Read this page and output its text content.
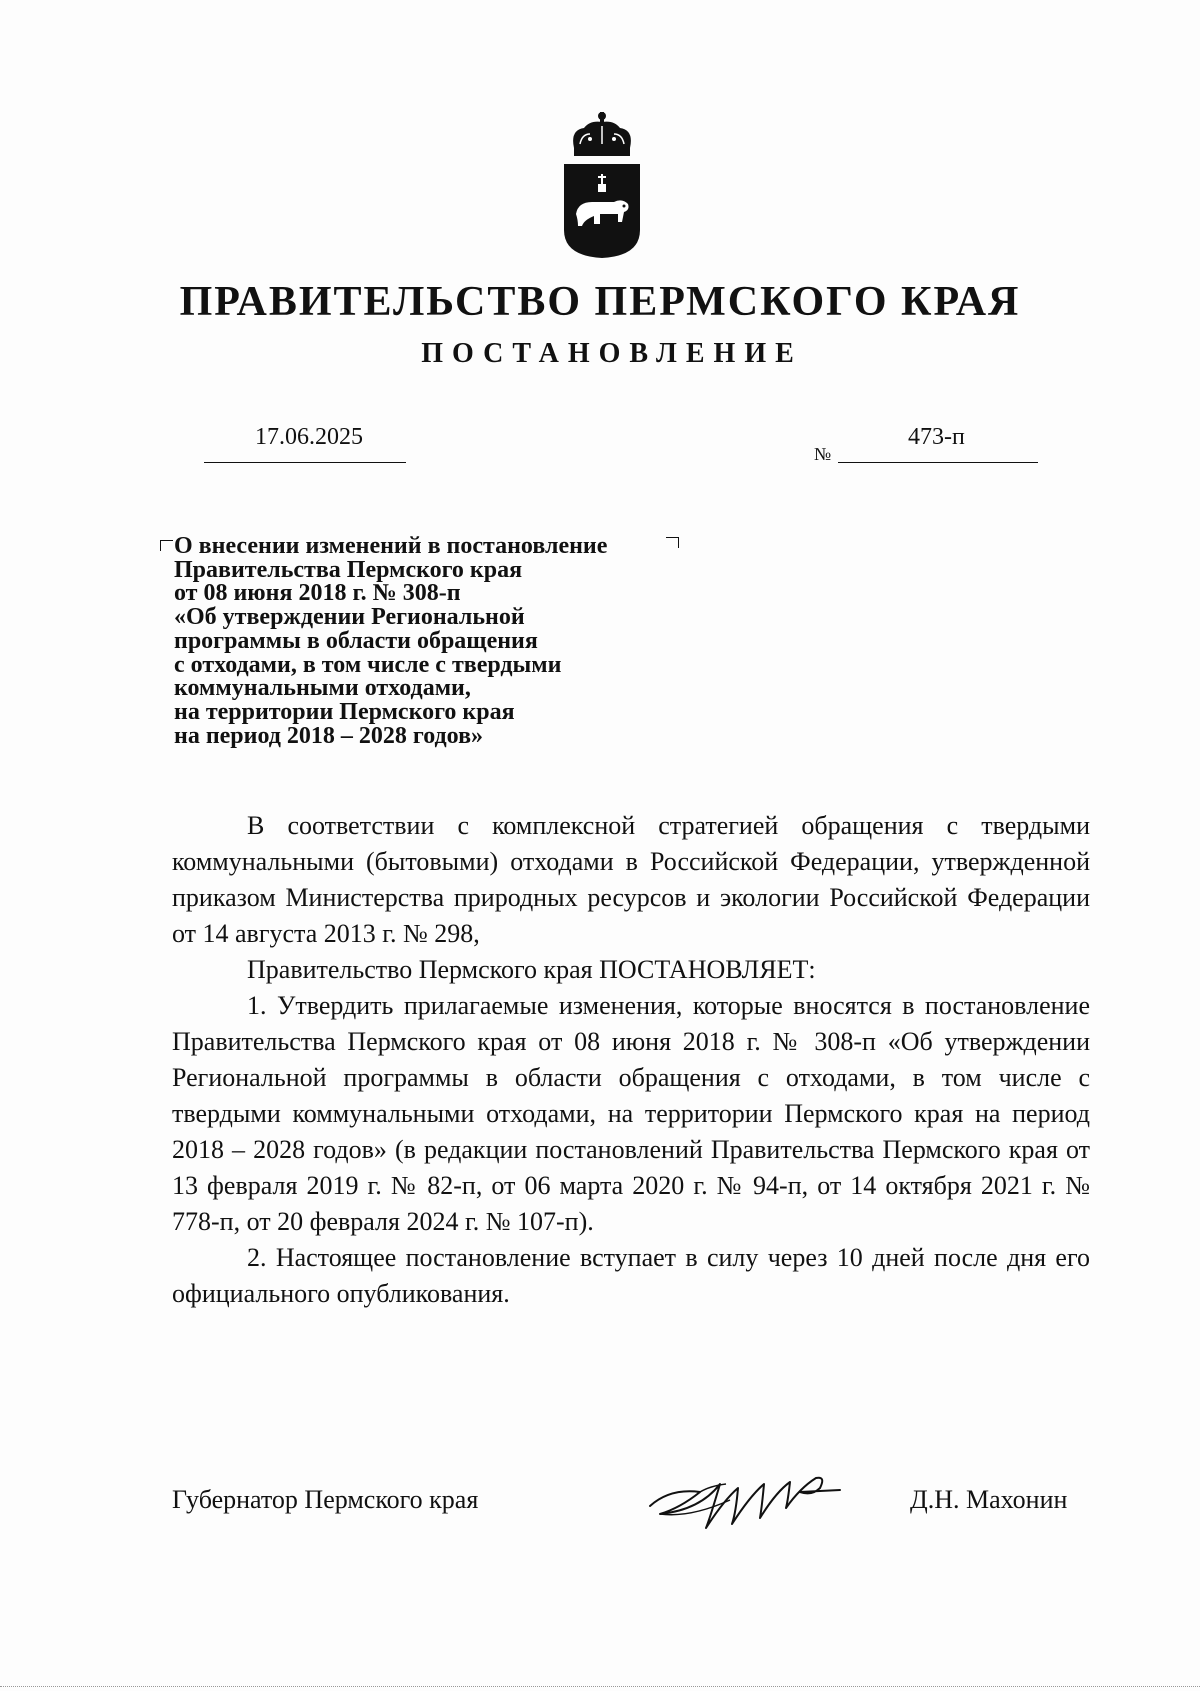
ПРАВИТЕЛЬСТВО ПЕРМСКОГО КРАЯ
ПОСТАНОВЛЕНИЕ
17.06.2025
№
473-п
О внесении изменений в постановление
Правительства Пермского края
от 08 июня 2018 г. № 308-п
«Об утверждении Региональной
программы в области обращения
с отходами, в том числе с твердыми
коммунальными отходами,
на территории Пермского края
на период 2018 – 2028 годов»

В соответствии с комплексной стратегией обращения с твердыми коммунальными (бытовыми) отходами в Российской Федерации, утвержденной приказом Министерства природных ресурсов и экологии Российской Федерации от 14 августа 2013 г. № 298,

Правительство Пермского края ПОСТАНОВЛЯЕТ:

1. Утвердить прилагаемые изменения, которые вносятся в постановление Правительства Пермского края от 08 июня 2018 г. № 308-п «Об утверждении Региональной программы в области обращения с отходами, в том числе с твердыми коммунальными отходами, на территории Пермского края на период 2018 – 2028 годов» (в редакции постановлений Правительства Пермского края от 13 февраля 2019 г. № 82-п, от 06 марта 2020 г. № 94-п, от 14 октября 2021 г. № 778-п, от 20 февраля 2024 г. № 107-п).

2. Настоящее постановление вступает в силу через 10 дней после дня его официального опубликования.

Губернатор Пермского края	Д.Н. Махонин
